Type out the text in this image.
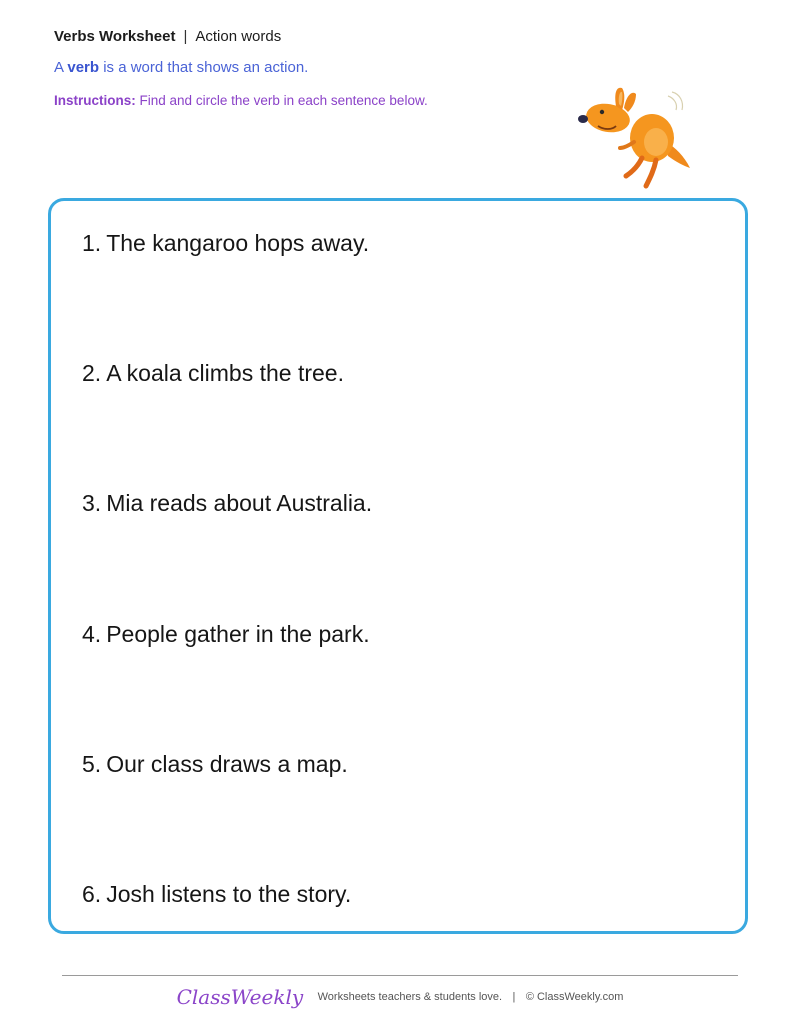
Verbs Worksheet | Action words
A verb is a word that shows an action.
Instructions: Find and circle the verb in each sentence below.
1. The kangaroo hops away.
2. A koala climbs the tree.
3. Mia reads about Australia.
4. People gather in the park.
5. Our class draws a map.
6. Josh listens to the story.
ClassWeekly Worksheets teachers & students love. | © ClassWeekly.com
